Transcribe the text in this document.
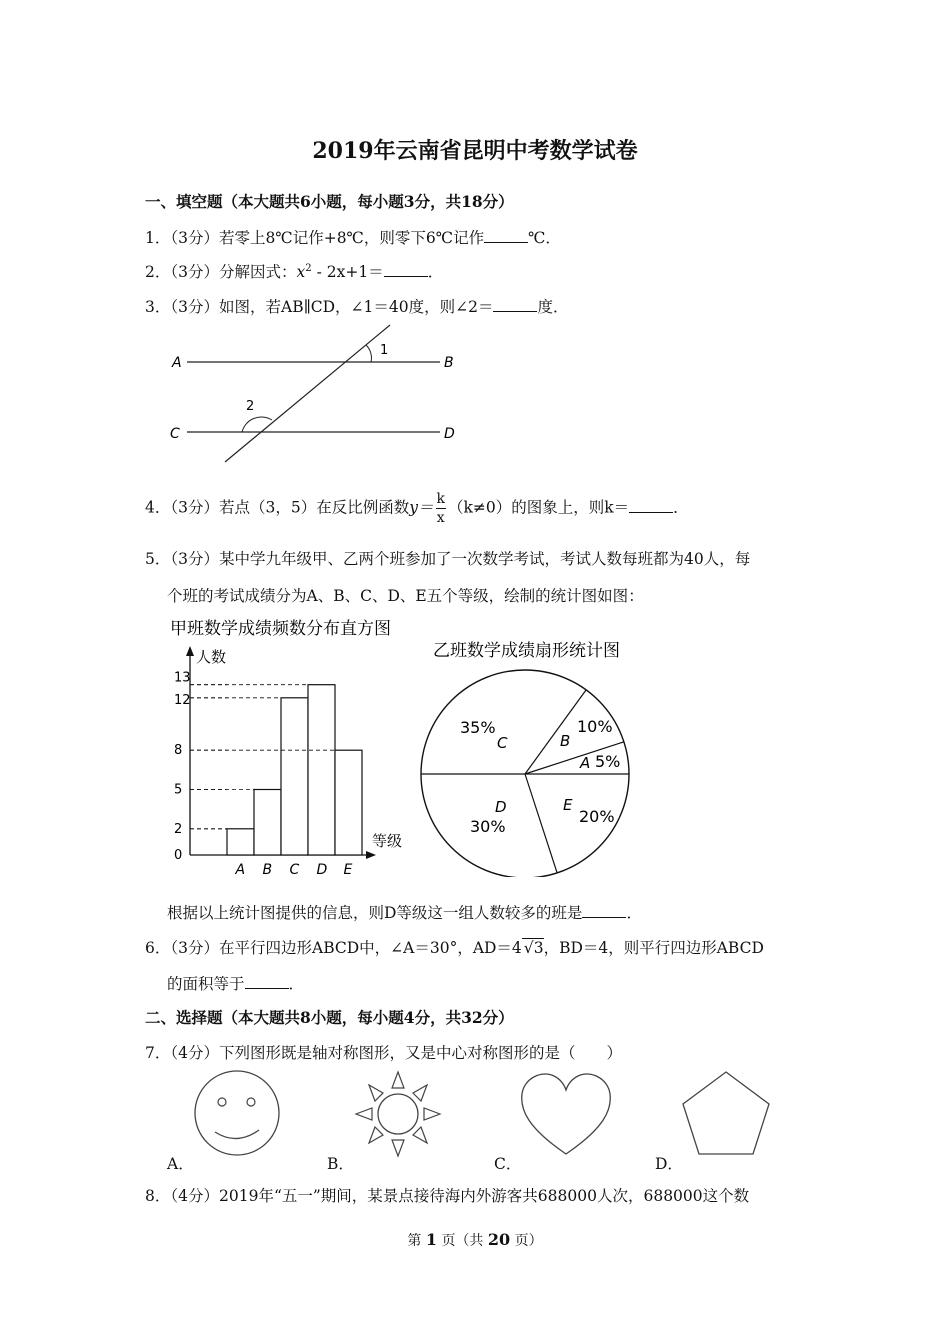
2019年云南省昆明中考数学试卷
一、填空题（本大题共6小题，每小题3分，共18分）
1．（3分）若零上8℃记作+8℃，则零下6℃记作	℃．
2．（3分）分解因式：$x^2 - 2x+1=$	．
3．（3分）如图，若AB∥CD，∠1＝40度，则∠2＝	度．
A	B
C	D
1
2
4．（3分）若点（3，5）在反比例函数$y= \frac{k}{x} (k\ne 0)$的图象上，则k＝	．
5．（3分）某中学九年级甲、乙两个班参加了一次数学考试，考试人数每班都为40人，每
个班的考试成绩分为A、B、C、D、E五个等级，绘制的统计图如图：
甲班数学成绩频数分布直方图
人数
等级
0
2
5
8
12
13
A B C D E
乙班数学成绩扇形统计图
A 5%
B
10%
C
35%
D
30%
E
20%
根据以上统计图提供的信息，则D等级这一组人数较多的班是	．
6．（3分）在平行四边形ABCD中，∠A＝30°，AD＝4 √3，BD＝4，则平行四边形ABCD
的面积等于	．
二、选择题（本大题共8小题，每小题4分，共32分）
7．（4分）下列图形既是轴对称图形，又是中心对称图形的是（　　）
A．	B．	C．	D．
8．（4分）2019年“五一”期间，某景点接待海内外游客共688000人次，688000这个数
第 1 页（共 20 页）
